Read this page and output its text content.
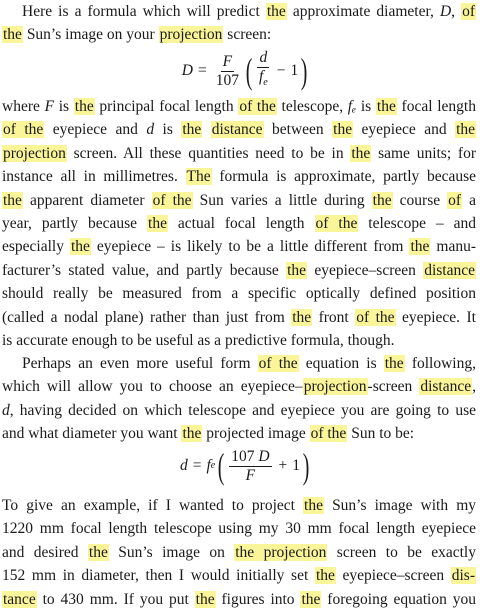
Here is a formula which will predict the approximate diameter, D, of
the Sun’s image on your projection screen:
$D = \frac{F}{107}$ ( $\frac{d}{f_e} - 1$ )
where F is the principal focal length of the telescope, fₑ is the focal length
of the eyepiece and d is the distance between the eyepiece and the
projection screen. All these quantities need to be in the same units; for
instance all in millimetres. The formula is approximate, partly because
the apparent diameter of the Sun varies a little during the course of a
year, partly because the actual focal length of the telescope – and
especially the eyepiece – is likely to be a little different from the manu-
facturer’s stated value, and partly because the eyepiece–screen distance
should really be measured from a specific optically defined position
(called a nodal plane) rather than just from the front of the eyepiece. It
is accurate enough to be useful as a predictive formula, though.
Perhaps an even more useful form of the equation is the following,
which will allow you to choose an eyepiece–projection-screen distance,
d, having decided on which telescope and eyepiece you are going to use
and what diameter you want the projected image of the Sun to be:
d = f e ( $\frac{107 D}{F} + 1$ )
To give an example, if I wanted to project the Sun’s image with my
1220 mm focal length telescope using my 30 mm focal length eyepiece
and desired the Sun’s image on the projection screen to be exactly
152 mm in diameter, then I would initially set the eyepiece–screen dis-
tance to 430 mm. If you put the figures into the foregoing equation you
